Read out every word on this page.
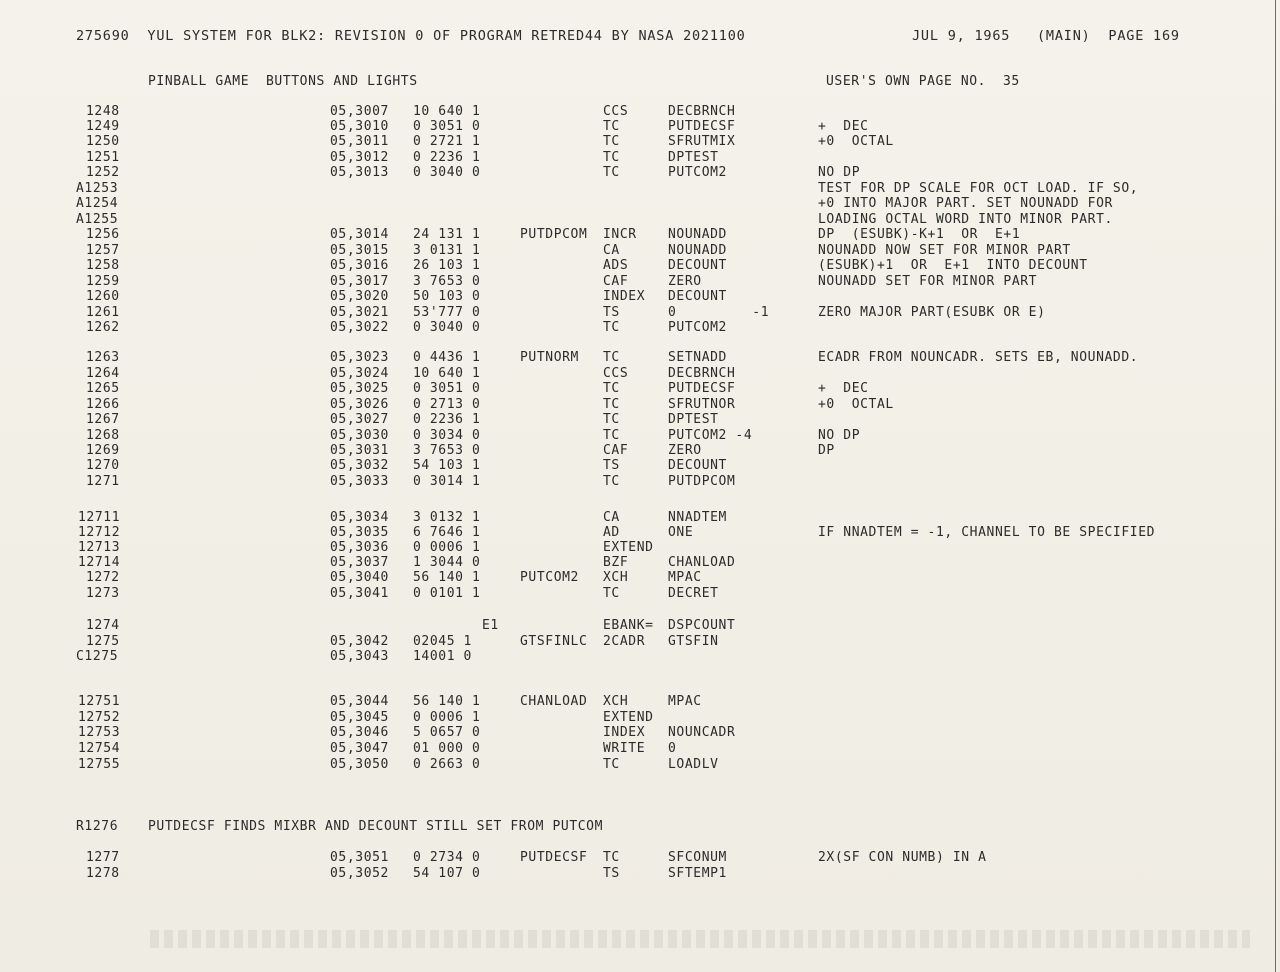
275690  YUL SYSTEM FOR BLK2: REVISION 0 OF PROGRAM RETRED44 BY NASA 2021100	JUL 9, 1965   (MAIN)  PAGE 169
PINBALL GAME  BUTTONS AND LIGHTS	USER'S OWN PAGE NO.  35
1248	05,3007 10 640 1	CCS	DECBRNCH
1249	05,3010 0 3051 0	TC	PUTDECSF	+  DEC
1250	05,3011 0 2721 1	TC	SFRUTMIX	+0  OCTAL
1251	05,3012 0 2236 1	TC	DPTEST
1252	05,3013 0 3040 0	TC	PUTCOM2	NO DP
A1253	TEST FOR DP SCALE FOR OCT LOAD. IF SO,
A1254	+0 INTO MAJOR PART. SET NOUNADD FOR
A1255	LOADING OCTAL WORD INTO MINOR PART.
1256	05,3014 24 131 1	PUTDPCOM INCR NOUNADD	DP  (ESUBK)-K+1  OR  E+1
1257	05,3015 3 0131 1	CA	NOUNADD	NOUNADD NOW SET FOR MINOR PART
1258	05,3016 26 103 1	ADS	DECOUNT	(ESUBK)+1  OR  E+1  INTO DECOUNT
1259	05,3017 3 7653 0	CAF	ZERO	NOUNADD SET FOR MINOR PART
1260	05,3020 50 103 0	INDEX DECOUNT
1261	05,3021 53'777 0	TS	0         -1	ZERO MAJOR PART(ESUBK OR E)
1262	05,3022 0 3040 0	TC	PUTCOM2
1263	05,3023 0 4436 1	PUTNORM TC	SETNADD	ECADR FROM NOUNCADR. SETS EB, NOUNADD.
1264	05,3024 10 640 1	CCS	DECBRNCH
1265	05,3025 0 3051 0	TC	PUTDECSF	+  DEC
1266	05,3026 0 2713 0	TC	SFRUTNOR	+0  OCTAL
1267	05,3027 0 2236 1	TC	DPTEST
1268	05,3030 0 3034 0	TC	PUTCOM2 -4	NO DP
1269	05,3031 3 7653 0	CAF	ZERO	DP
1270	05,3032 54 103 1	TS	DECOUNT
1271	05,3033 0 3014 1	TC	PUTDPCOM
12711	05,3034 3 0132 1	CA	NNADTEM
12712	05,3035 6 7646 1	AD	ONE	IF NNADTEM = -1, CHANNEL TO BE SPECIFIED
12713	05,3036 0 0006 1	EXTEND
12714	05,3037 1 3044 0	BZF	CHANLOAD
1272	05,3040 56 140 1	PUTCOM2 XCH	MPAC
1273	05,3041 0 0101 1	TC	DECRET
1274	E1	EBANK= DSPCOUNT
1275	05,3042 02045 1	GTSFINLC 2CADR GTSFIN
C1275	05,3043 14001 0
12751	05,3044 56 140 1	CHANLOAD XCH	MPAC
12752	05,3045 0 0006 1	EXTEND
12753	05,3046 5 0657 0	INDEX NOUNCADR
12754	05,3047 01 000 0	WRITE 0
12755	05,3050 0 2663 0	TC	LOADLV
R1276 PUTDECSF FINDS MIXBR AND DECOUNT STILL SET FROM PUTCOM
1277	05,3051 0 2734 0	PUTDECSF TC	SFCONUM	2X(SF CON NUMB) IN A
1278	05,3052 54 107 0	TS	SFTEMP1
